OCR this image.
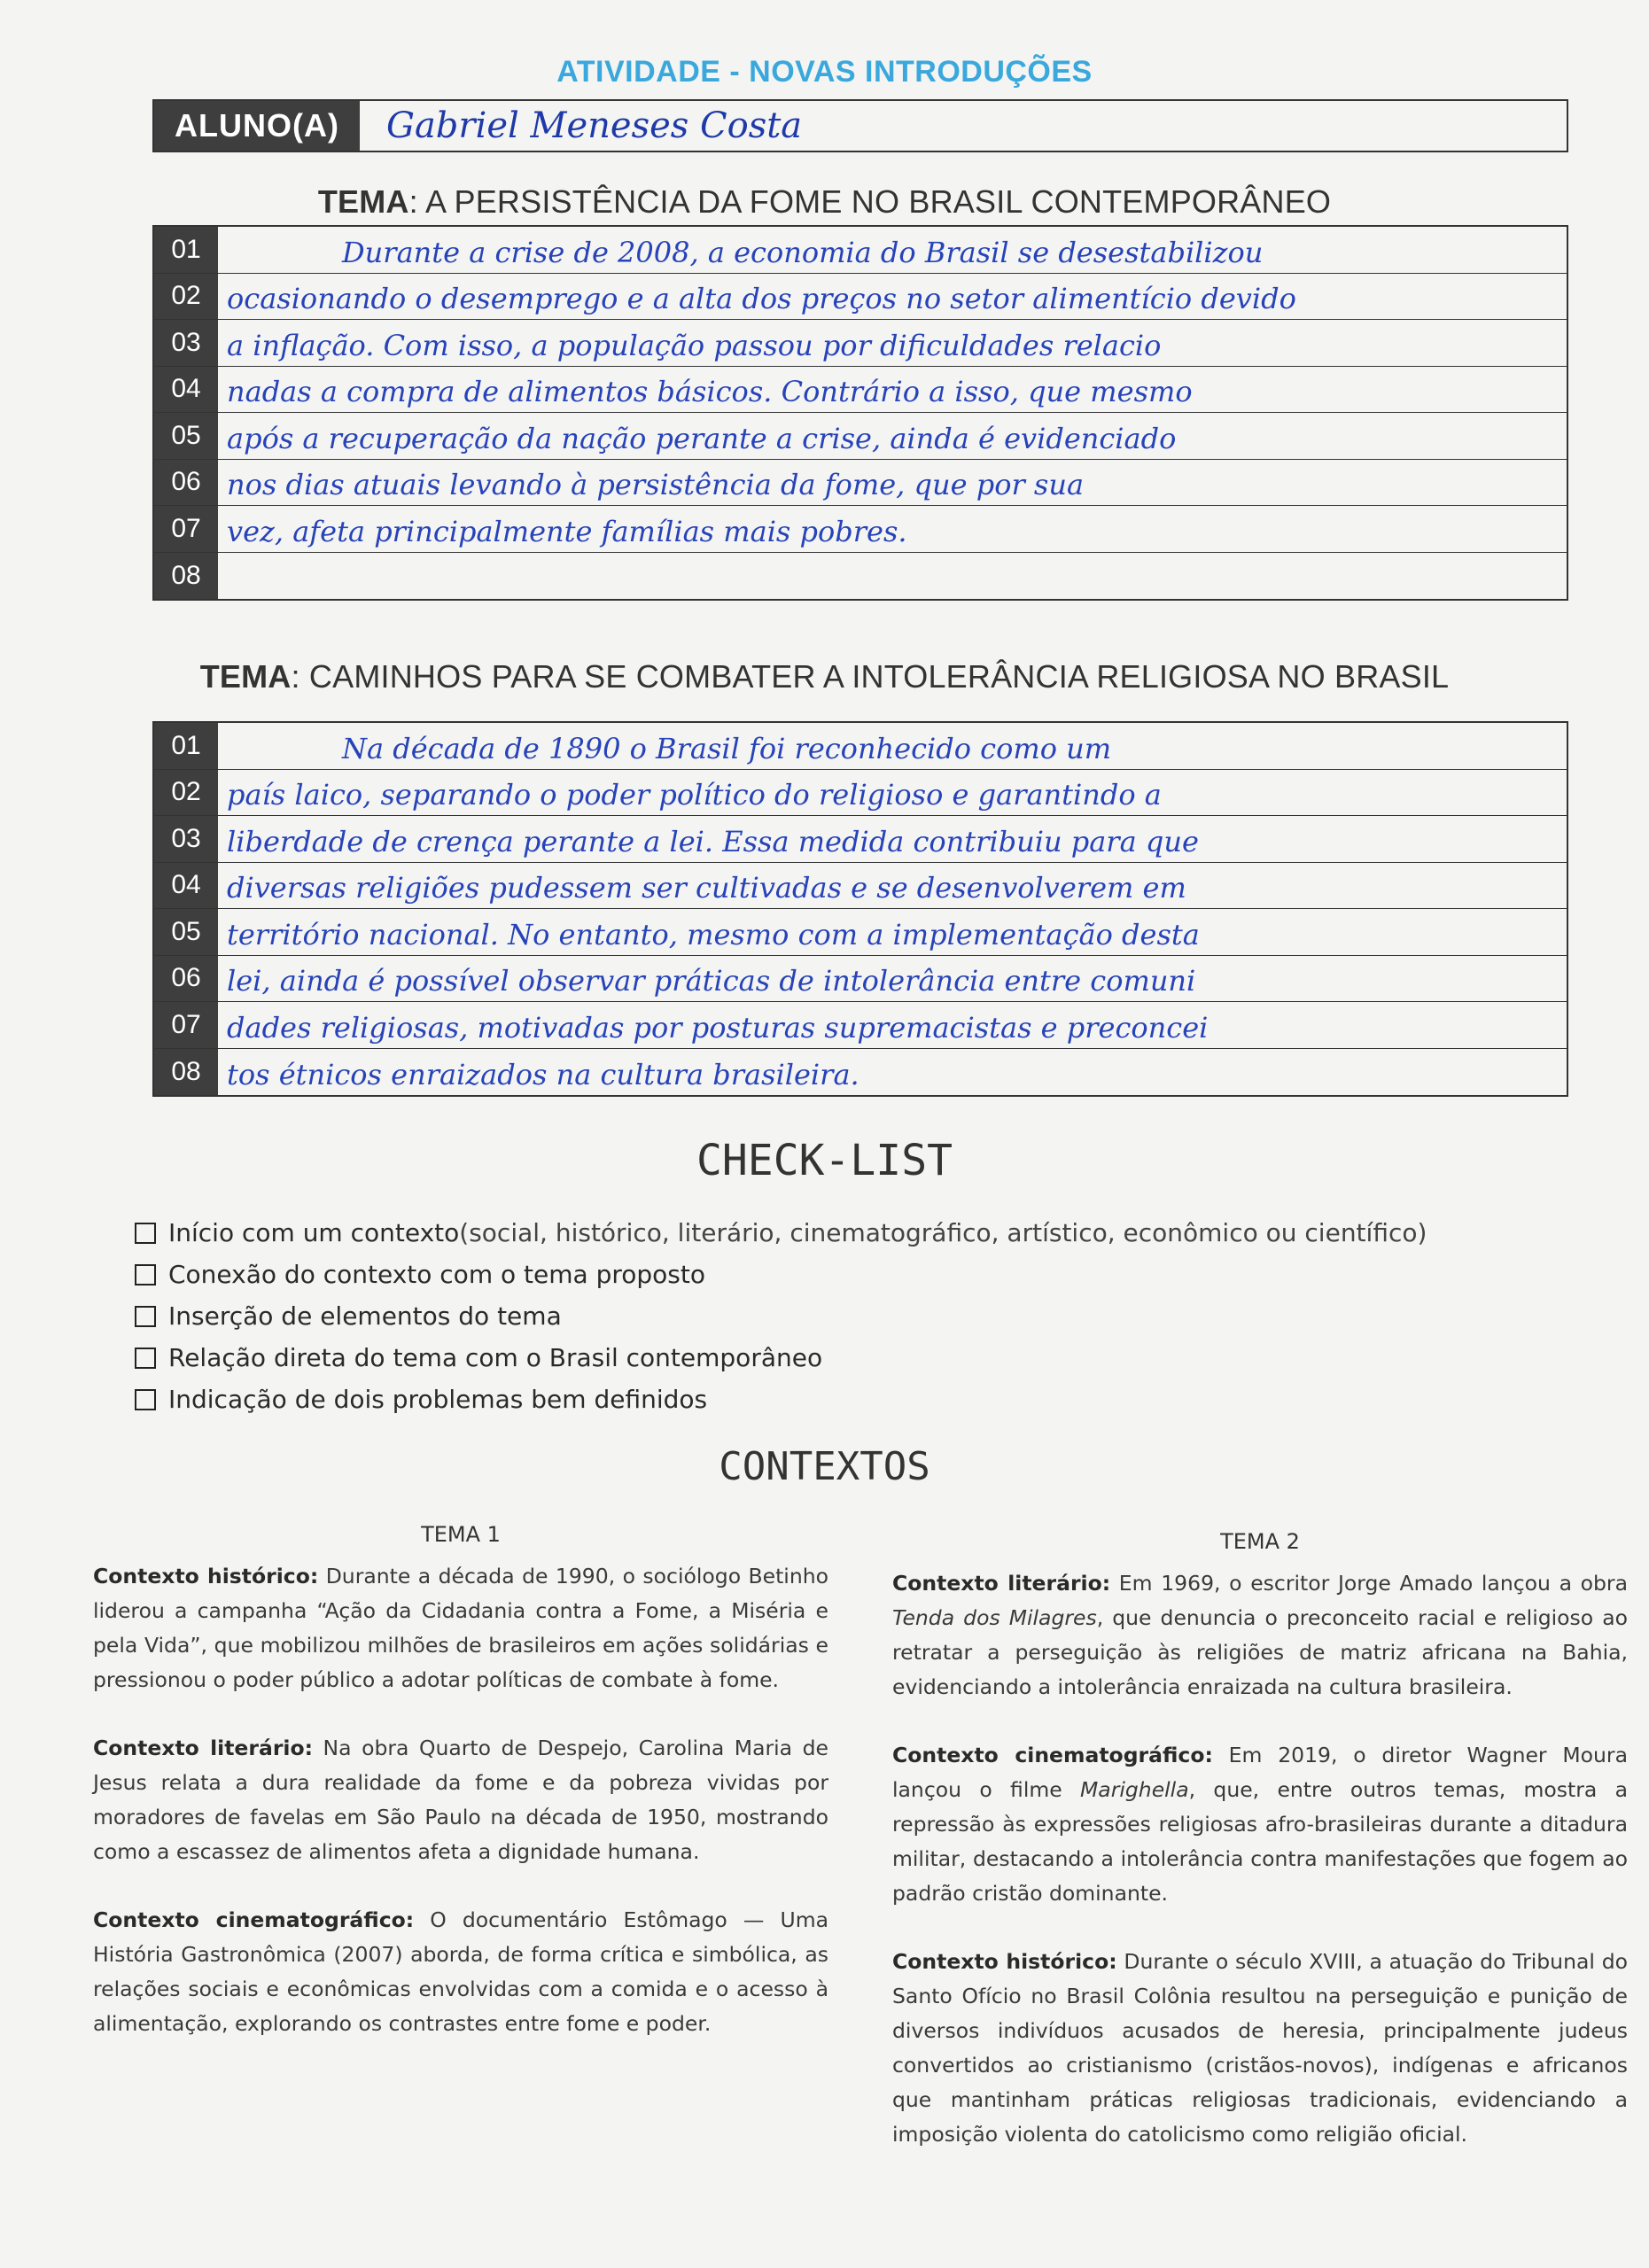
ATIVIDADE - NOVAS INTRODUÇÕES
ALUNO(A)	Gabriel Meneses Costa
TEMA: A PERSISTÊNCIA DA FOME NO BRASIL CONTEMPORÂNEO
01	Durante a crise de 2008, a economia do Brasil se desestabilizou
02 ocasionando o desemprego e a alta dos preços no setor alimentício devido
03 a inflação. Com isso, a população passou por dificuldades relacio
04 nadas a compra de alimentos básicos. Contrário a isso, que mesmo
05 após a recuperação da nação perante a crise, ainda é evidenciado
06 nos dias atuais levando à persistência da fome, que por sua
07 vez, afeta principalmente famílias mais pobres.
08
TEMA: CAMINHOS PARA SE COMBATER A INTOLERÂNCIA RELIGIOSA NO BRASIL
01	Na década de 1890 o Brasil foi reconhecido como um
02 país laico, separando o poder político do religioso e garantindo a
03 liberdade de crença perante a lei. Essa medida contribuiu para que
04 diversas religiões pudessem ser cultivadas e se desenvolverem em
05 território nacional. No entanto, mesmo com a implementação desta
06 lei, ainda é possível observar práticas de intolerância entre comuni
07 dades religiosas, motivadas por posturas supremacistas e preconcei
08 tos étnicos enraizados na cultura brasileira.
CHECK-LIST
Início com um contexto (social, histórico, literário, cinematográfico, artístico, econômico ou científico)
Conexão do contexto com o tema proposto
Inserção de elementos do tema
Relação direta do tema com o Brasil contemporâneo
Indicação de dois problemas bem definidos
CONTEXTOS
TEMA 1

Contexto histórico: Durante a década de 1990, o sociólogo Betinho liderou a campanha “Ação da Cidadania contra a Fome, a Miséria e pela Vida”, que mobilizou milhões de brasileiros em ações solidárias e pressionou o poder público a adotar políticas de combate à fome.

Contexto literário: Na obra Quarto de Despejo, Carolina Maria de Jesus relata a dura realidade da fome e da pobreza vividas por moradores de favelas em São Paulo na década de 1950, mostrando como a escassez de alimentos afeta a dignidade humana.

Contexto cinematográfico: O documentário Estômago — Uma História Gastronômica (2007) aborda, de forma crítica e simbólica, as relações sociais e econômicas envolvidas com a comida e o acesso à alimentação, explorando os contrastes entre fome e poder.

TEMA 2

Contexto literário: Em 1969, o escritor Jorge Amado lançou a obra Tenda dos Milagres, que denuncia o preconceito racial e religioso ao retratar a perseguição às religiões de matriz africana na Bahia, evidenciando a intolerância enraizada na cultura brasileira.

Contexto cinematográfico: Em 2019, o diretor Wagner Moura lançou o filme Marighella, que, entre outros temas, mostra a repressão às expressões religiosas afro-brasileiras durante a ditadura militar, destacando a intolerância contra manifestações que fogem ao padrão cristão dominante.

Contexto histórico: Durante o século XVIII, a atuação do Tribunal do Santo Ofício no Brasil Colônia resultou na perseguição e punição de diversos indivíduos acusados de heresia, principalmente judeus convertidos ao cristianismo (cristãos-novos), indígenas e africanos que mantinham práticas religiosas tradicionais, evidenciando a imposição violenta do catolicismo como religião oficial.
